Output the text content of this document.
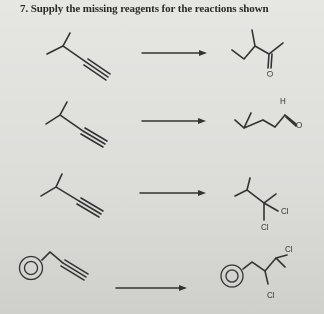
7. Supply the missing reagents for the reactions shown
O
H
O
Cl
Cl
Cl
Cl
